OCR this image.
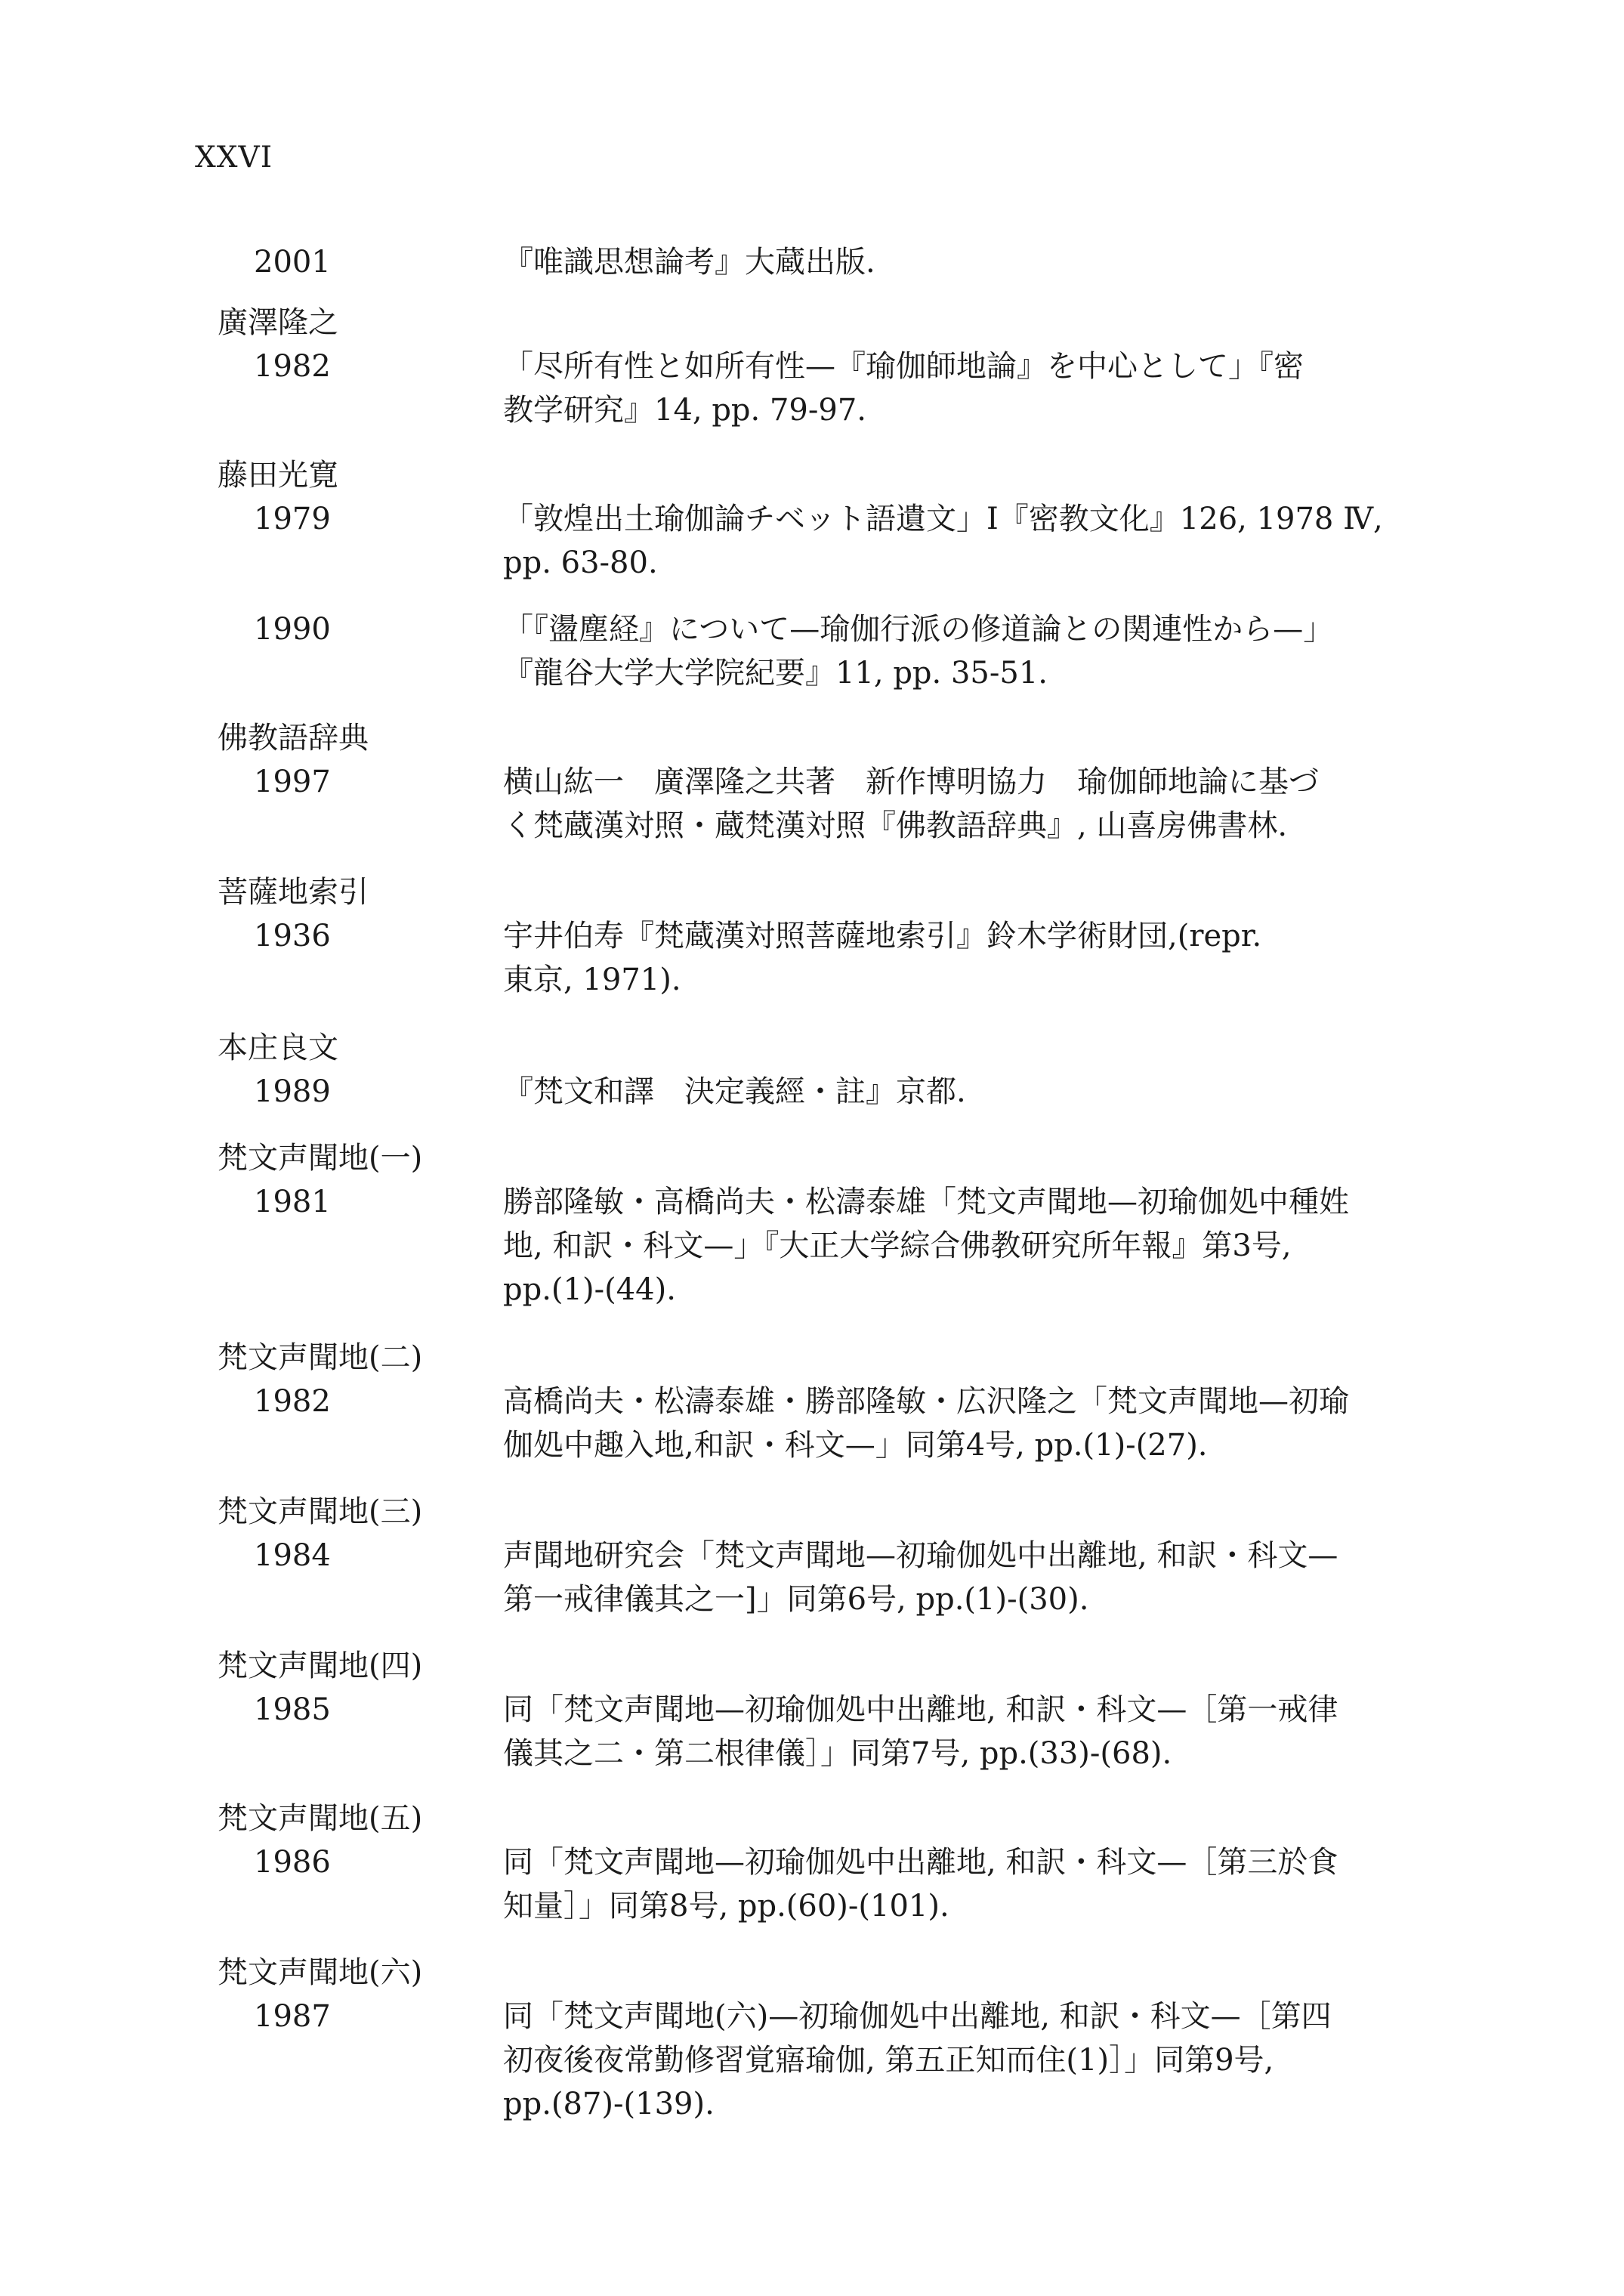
XXVI
2001	『唯識思想論考』大蔵出版.
廣澤隆之
1982	「尽所有性と如所有性—『瑜伽師地論』を中心として」『密
教学研究』14, pp. 79-97.
藤田光寛
1979	「敦煌出土瑜伽論チベット語遺文」Ⅰ『密教文化』126, 1978 Ⅳ,
pp. 63-80.
1990	「『盪塵経』について—瑜伽行派の修道論との関連性から—」
『龍谷大学大学院紀要』11, pp. 35-51.
佛教語辞典
1997	横山紘一　廣澤隆之共著　新作博明協力　瑜伽師地論に基づ
く梵蔵漢対照・蔵梵漢対照『佛教語辞典』, 山喜房佛書林.
菩薩地索引
1936	宇井伯寿『梵蔵漢対照菩薩地索引』鈴木学術財団,(repr.
東京, 1971).
本庄良文
1989	『梵文和譯　決定義經・註』京都.
梵文声聞地(一)
1981	勝部隆敏・高橋尚夫・松濤泰雄「梵文声聞地—初瑜伽処中種姓
地, 和訳・科文—」『大正大学綜合佛教研究所年報』第3号,
pp.(1)-(44).
梵文声聞地(二)
1982	高橋尚夫・松濤泰雄・勝部隆敏・広沢隆之「梵文声聞地—初瑜
伽処中趣入地,和訳・科文—」同第4号, pp.(1)-(27).
梵文声聞地(三)
1984	声聞地研究会「梵文声聞地—初瑜伽処中出離地, 和訳・科文—
第一戒律儀其之一]」同第6号, pp.(1)-(30).
梵文声聞地(四)
1985	同「梵文声聞地—初瑜伽処中出離地, 和訳・科文—［第一戒律
儀其之二・第二根律儀］」同第7号, pp.(33)-(68).
梵文声聞地(五)
1986	同「梵文声聞地—初瑜伽処中出離地, 和訳・科文—［第三於食
知量］」同第8号, pp.(60)-(101).
梵文声聞地(六)
1987	同「梵文声聞地(六)—初瑜伽処中出離地, 和訳・科文—［第四
初夜後夜常勤修習覚寤瑜伽, 第五正知而住(1)］」同第9号,
pp.(87)-(139).
